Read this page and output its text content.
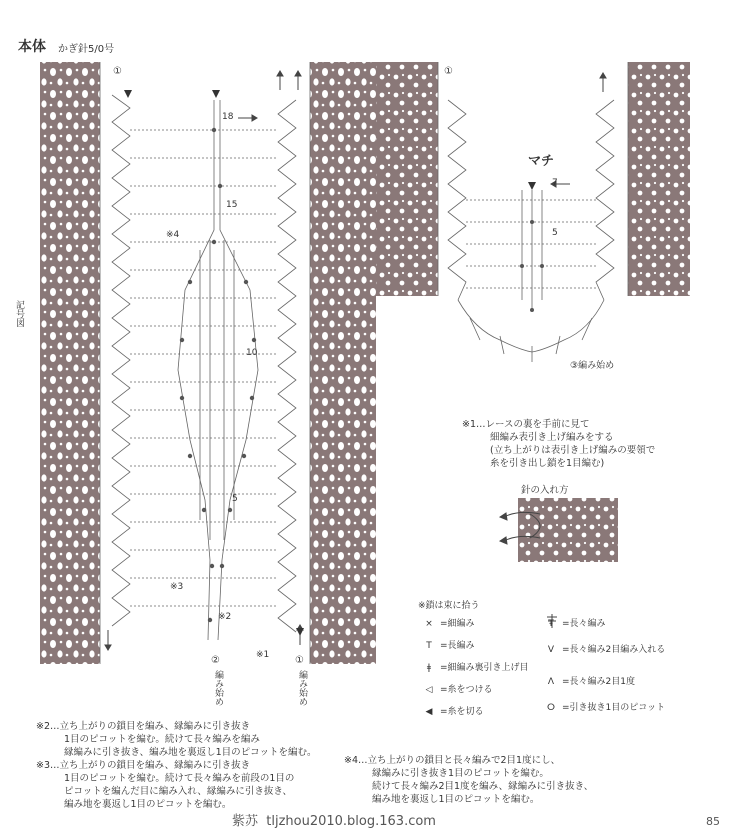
本体 かぎ針5/0号
記号図
18
15
10
5
※4
※3
※2
※1
①	①
②	①
編み始め	編み始め
マチ
7
5
③編み始め
※1…レースの裏を手前に見て
細編み表引き上げ編みをする
(立ち上がりは表引き上げ編みの要領で
糸を引き出し鎖を1目編む)
針の入れ方
※鎖は束に拾う
× =細編み
T =長編み
ǂ =細編み裏引き上げ目
◁ =糸をつける
◀ =糸を切る
Ŧ =長々編み
V =長々編み2目編み入れる
Λ =長々編み2目1度
ⵔ =引き抜き1目のピコット
※2…立ち上がりの鎖目を編み、縁編みに引き抜き
1目のピコットを編む。続けて長々編みを編み
縁編みに引き抜き、編み地を裏返し1目のピコットを編む。
※3…立ち上がりの鎖目を編み、縁編みに引き抜き
1目のピコットを編む。続けて長々編みを前段の1目の
ピコットを編んだ目に編み入れ、縁編みに引き抜き、
編み地を裏返し1目のピコットを編む。
※4…立ち上がりの鎖目と長々編みで2目1度にし、
縁編みに引き抜き1目のピコットを編む。
続けて長々編み2目1度を編み、縁編みに引き抜き、
編み地を裏返し1目のピコットを編む。
紫苏  tljzhou2010.blog.163.com	85
